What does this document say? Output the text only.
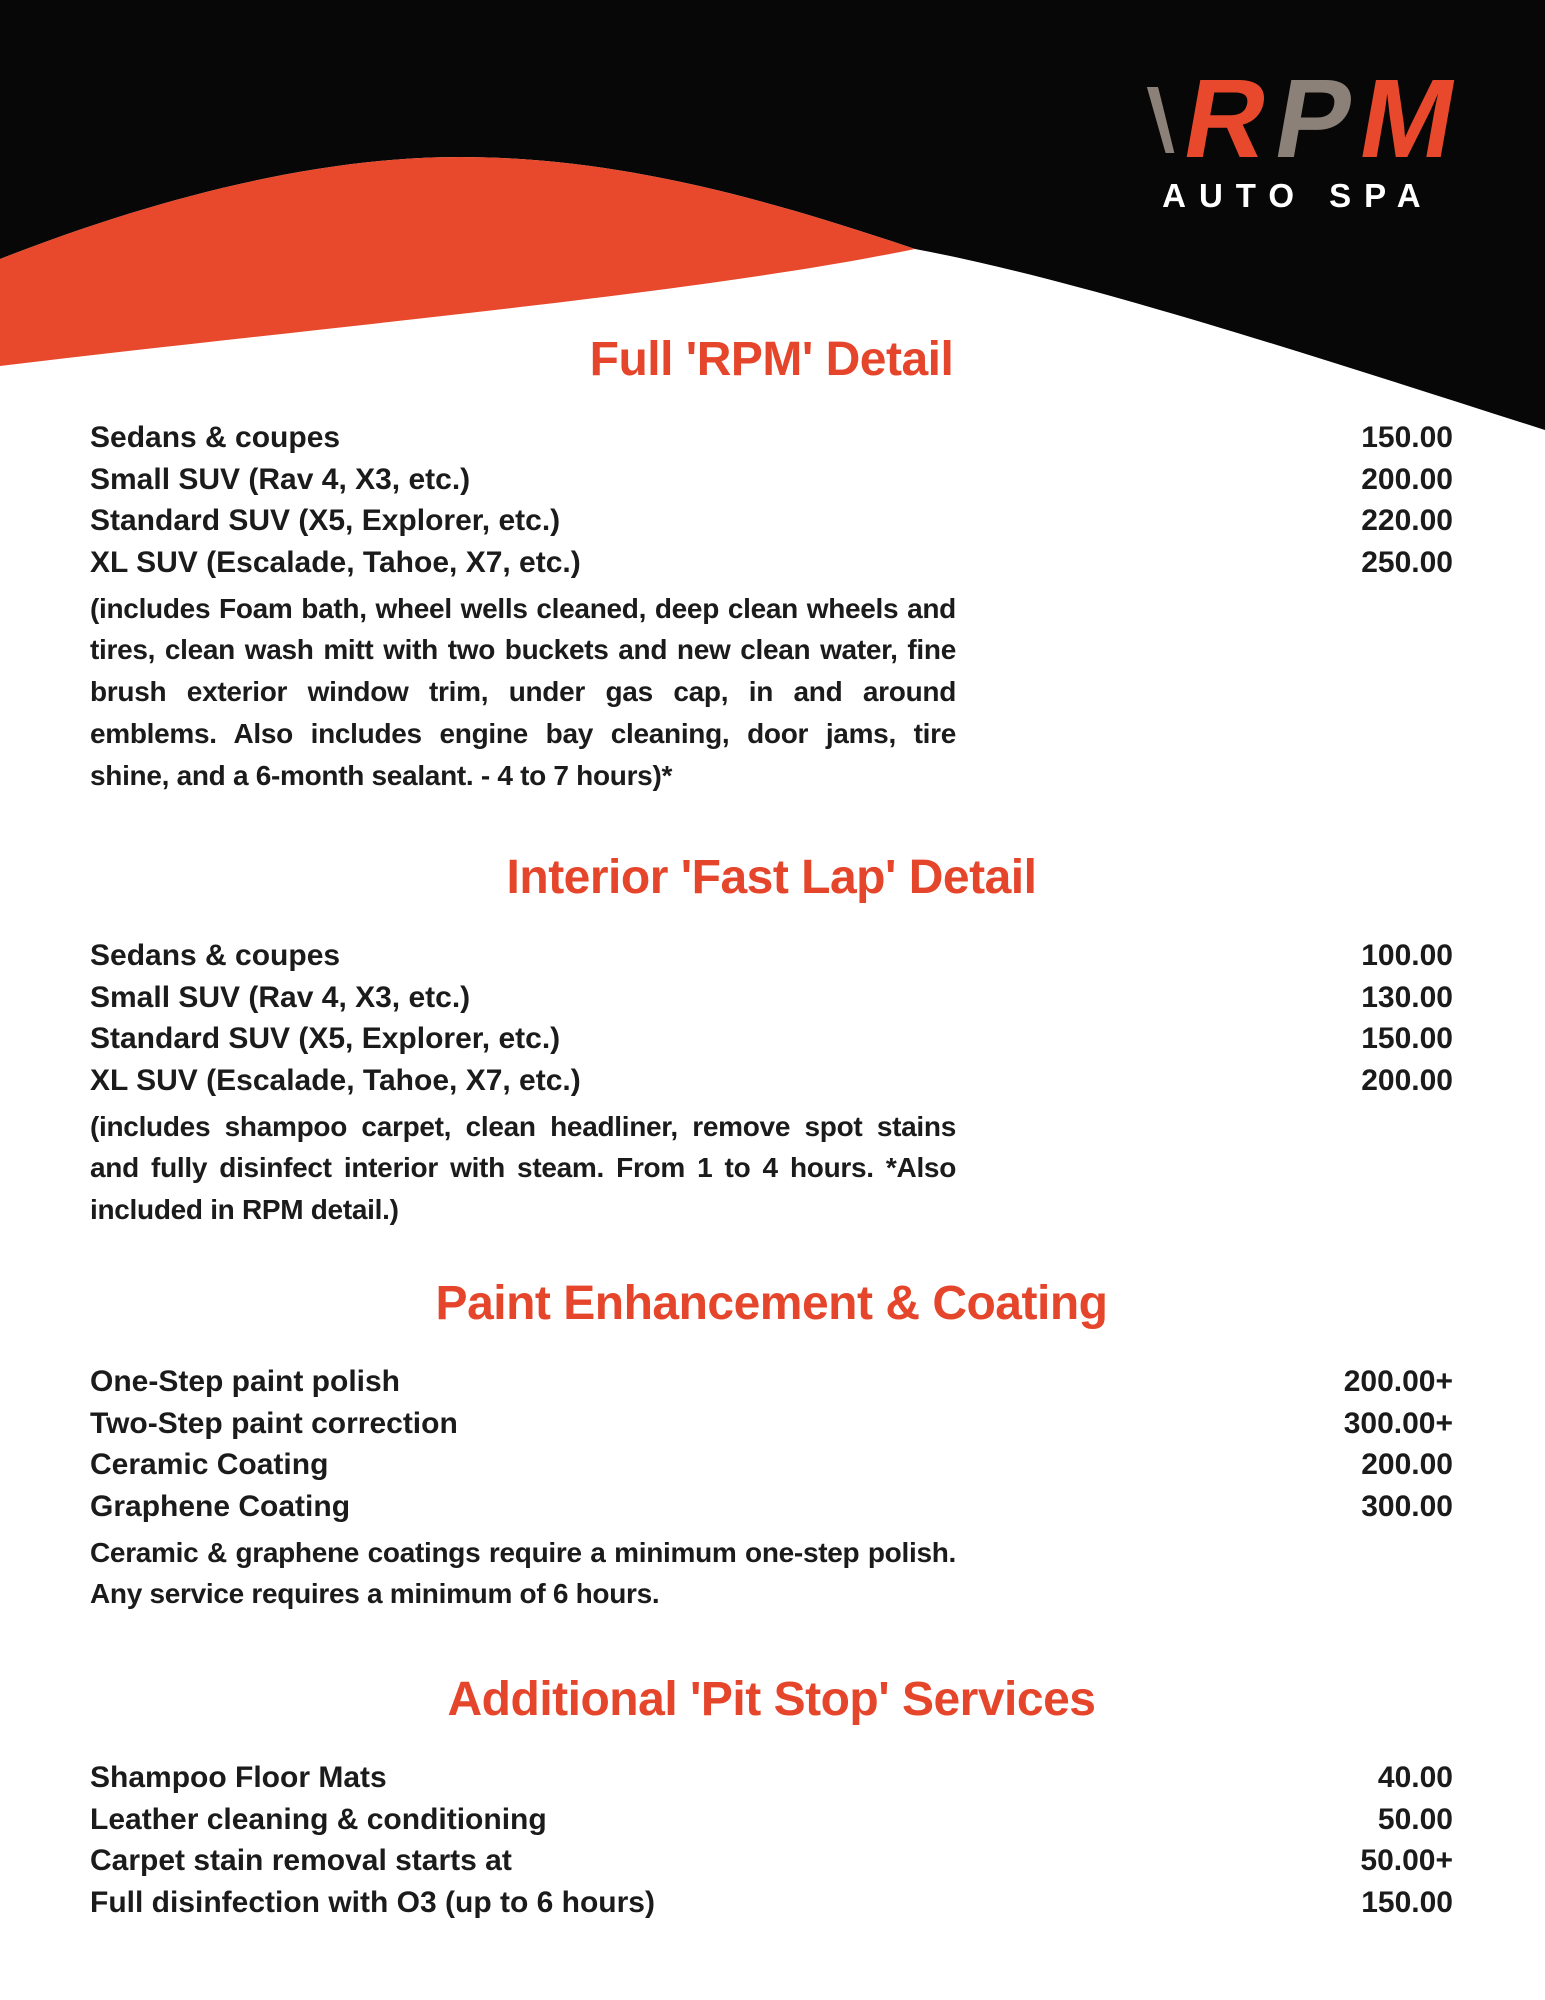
R
P
M
AUTO SPA
Full 'RPM' Detail
Sedans & coupes	150.00
Small SUV (Rav 4, X3, etc.)	200.00
Standard SUV (X5, Explorer, etc.)	220.00
XL SUV (Escalade, Tahoe, X7, etc.)	250.00

(includes Foam bath, wheel wells cleaned, deep clean wheels and tires, clean wash mitt with two buckets and new clean water, fine brush exterior window trim, under gas cap, in and around emblems. Also includes engine bay cleaning, door jams, tire shine, and a 6-month sealant. - 4 to 7 hours)*

Interior 'Fast Lap' Detail
Sedans & coupes	100.00
Small SUV (Rav 4, X3, etc.)	130.00
Standard SUV (X5, Explorer, etc.)	150.00
XL SUV (Escalade, Tahoe, X7, etc.)	200.00

(includes shampoo carpet, clean headliner, remove spot stains and fully disinfect interior with steam. From 1 to 4 hours. *Also included in RPM detail.)

Paint Enhancement & Coating
One-Step paint polish	200.00+
Two-Step paint correction	300.00+
Ceramic Coating	200.00
Graphene Coating	300.00

Ceramic & graphene coatings require a minimum one-step polish. Any service requires a minimum of 6 hours.

Additional 'Pit Stop' Services
Shampoo Floor Mats	40.00
Leather cleaning & conditioning	50.00
Carpet stain removal starts at	50.00+
Full disinfection with O3 (up to 6 hours)	150.00
